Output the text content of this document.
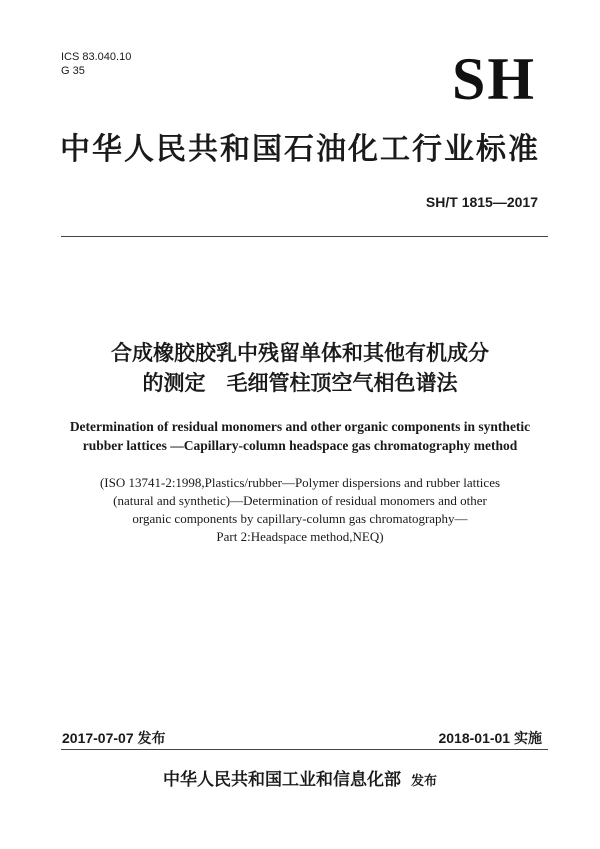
ICS 83.040.10
G 35	SH
中华人民共和国石油化工行业标准
SH/T 1815—2017
合成橡胶胶乳中残留单体和其他有机成分
的测定　毛细管柱顶空气相色谱法
Determination of residual monomers and other organic components in synthetic
rubber lattices —Capillary-column headspace gas chromatography method
(ISO 13741-2:1998,Plastics/rubber—Polymer dispersions and rubber lattices
(natural and synthetic)—Determination of residual monomers and other
organic components by capillary-column gas chromatography—
Part 2:Headspace method,NEQ)
2017-07-07 发布	2018-01-01 实施
中华人民共和国工业和信息化部 发布
